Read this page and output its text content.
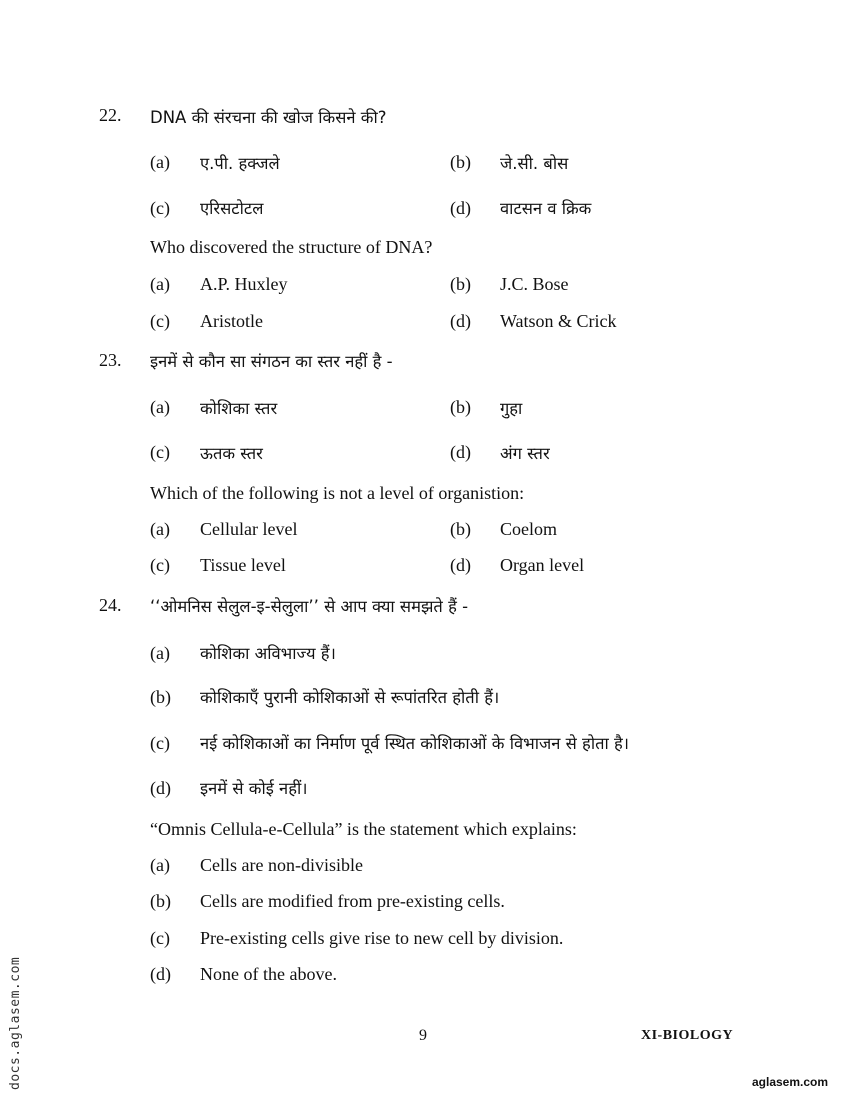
22. DNA की संरचना की खोज किसने की?
(a) ए.पी. हक्जले	(b) जे.सी. बोस
(c) एरिसटोटल	(d) वाटसन व क्रिक
Who discovered the structure of DNA?
(a) A.P. Huxley	(b) J.C. Bose
(c) Aristotle	(d) Watson & Crick
23. इनमें से कौन सा संगठन का स्तर नहीं है -
(a) कोशिका स्तर	(b) गुहा
(c) ऊतक स्तर	(d) अंग स्तर
Which of the following is not a level of organistion:
(a) Cellular level	(b) Coelom
(c) Tissue level	(d) Organ level
24. ‘‘ओमनिस सेलुल-इ-सेलुला’’ से आप क्या समझते हैं -
(a) कोशिका अविभाज्य हैं।
(b) कोशिकाएँ पुरानी कोशिकाओं से रूपांतरित होती हैं।
(c) नई कोशिकाओं का निर्माण पूर्व स्थित कोशिकाओं के विभाजन से होता है।
(d) इनमें से कोई नहीं।
“Omnis Cellula-e-Cellula” is the statement which explains:
(a) Cells are non-divisible
(b) Cells are modified from pre-existing cells.
(c) Pre-existing cells give rise to new cell by division.
(d) None of the above.
9	XI-BIOLOGY
aglasem.com
docs.aglasem.com
